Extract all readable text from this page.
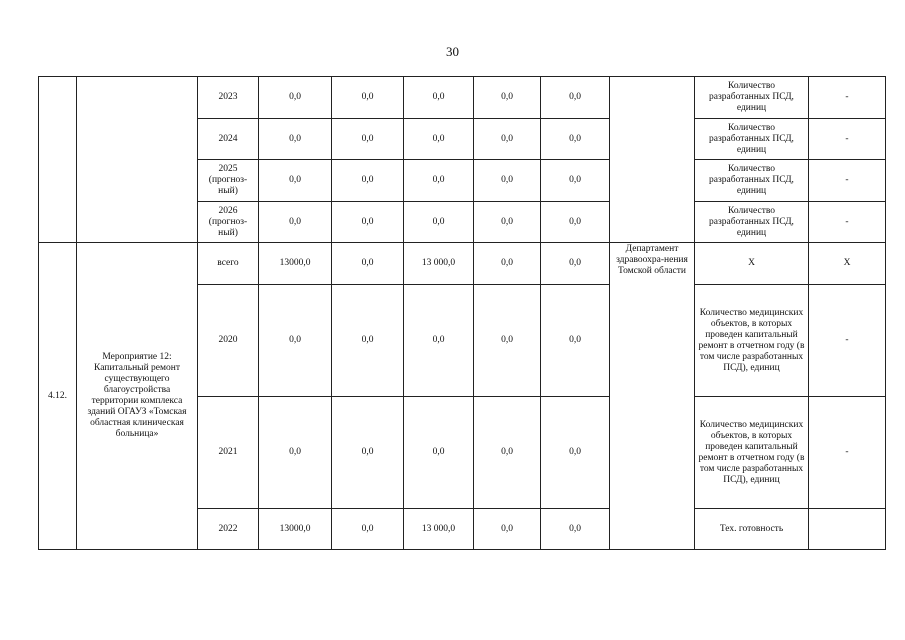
30
		2023	0,0	0,0	0,0	0,0	0,0		Количество разработанных ПСД, единиц	-
		2024	0,0	0,0	0,0	0,0	0,0		Количество разработанных ПСД, единиц	-
		2025 (прогноз-ный)	0,0	0,0	0,0	0,0	0,0		Количество разработанных ПСД, единиц	-
		2026 (прогноз-ный)	0,0	0,0	0,0	0,0	0,0		Количество разработанных ПСД, единиц	-
4.12.	Мероприятие 12: Капитальный ремонт существующего благоустройства территории комплекса зданий ОГАУЗ «Томская областная клиническая больница»	всего	13000,0	0,0	13 000,0	0,0	0,0	Департамент здравоохра-нения Томской области	Х	Х
		2020	0,0	0,0	0,0	0,0	0,0		Количество медицинских объектов, в которых проведен капитальный ремонт в отчетном году (в том числе разработанных ПСД), единиц	-
		2021	0,0	0,0	0,0	0,0	0,0		Количество медицинских объектов, в которых проведен капитальный ремонт в отчетном году (в том числе разработанных ПСД), единиц	-
		2022	13000,0	0,0	13 000,0	0,0	0,0		Тех. готовность	
